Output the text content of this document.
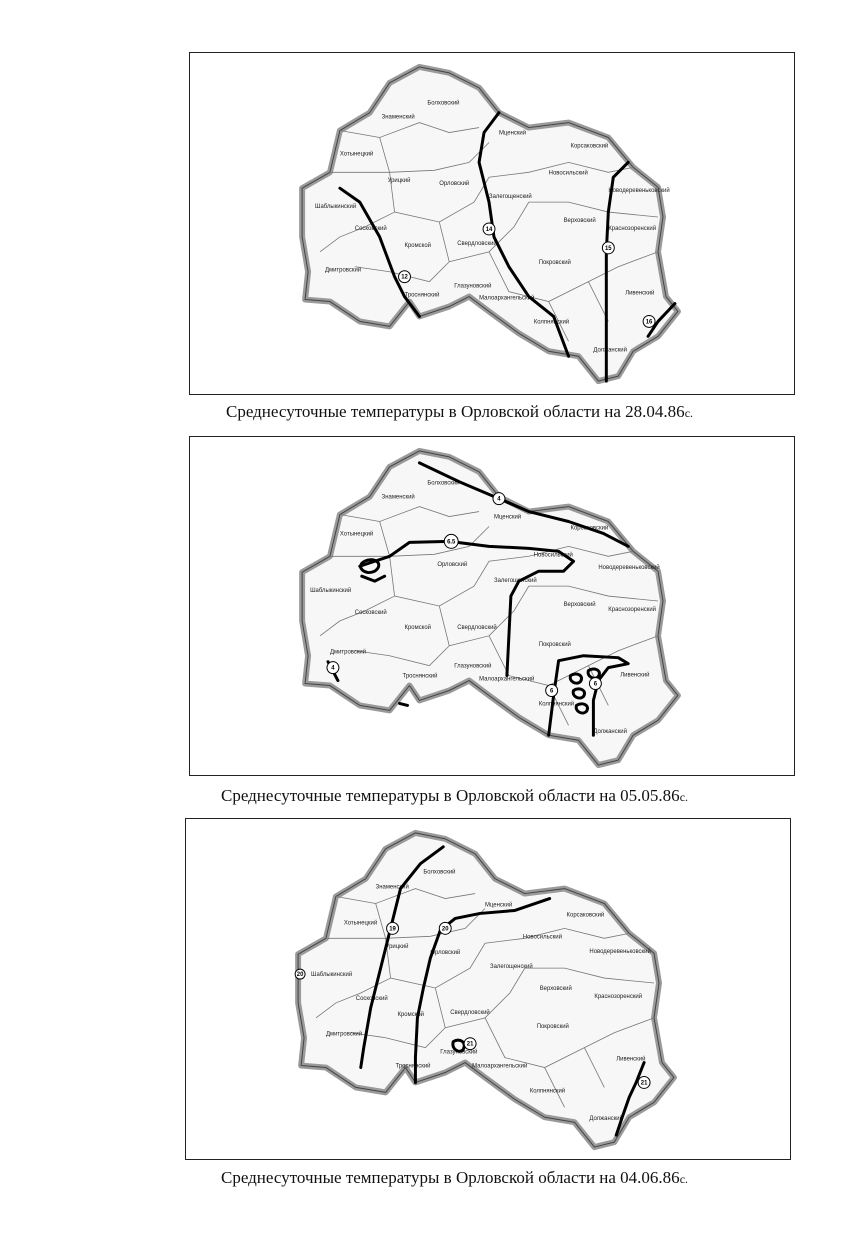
Болховский
Знаменский
Хотынецкий
Мценский
Корсаковский
Новосильский
Урицкий	Орловский
Новодеревеньковский
Залегощенский
Шаблыкинский
Верховский
Сосковский	Краснозоренский
Кромской	Свердловский
Дмитровский
Покровский
Троснянский
Глазуновский
Малоархангельский
Ливенский
Колпнянский
Должанский
12
14
15
16
Среднесуточные температуры в Орловской области на 28.04.86с.
Болховский
Знаменский
Хотынецкий
Мценский
Корсаковский
Новосильский
Орловский	Новодеревеньковский
Залегощенский
Шаблыкинский
Верховский
Сосковский	Краснозоренский
Кромской	Свердловский
Дмитровский
Покровский
Троснянский
Глазуновский
Малоархангельский
Ливенский
Колпнянский
Должанский
4
6.5
6
6
4
Среднесуточные температуры в Орловской области на 05.05.86с.
Болховский
Знаменский
Хотынецкий
Мценский
Корсаковский
Новосильский
Урицкий
Орловский	Новодеревеньковский
Залегощенский
Шаблыкинский
Верховский
Сосковский	Краснозоренский
Кромской	Свердловский
Дмитровский
Покровский
Троснянский
Глазуновский
Малоархангельский
Ливенский
Колпнянский
Должанский
19	20
21
21
20
Среднесуточные температуры в Орловской области на 04.06.86с.
